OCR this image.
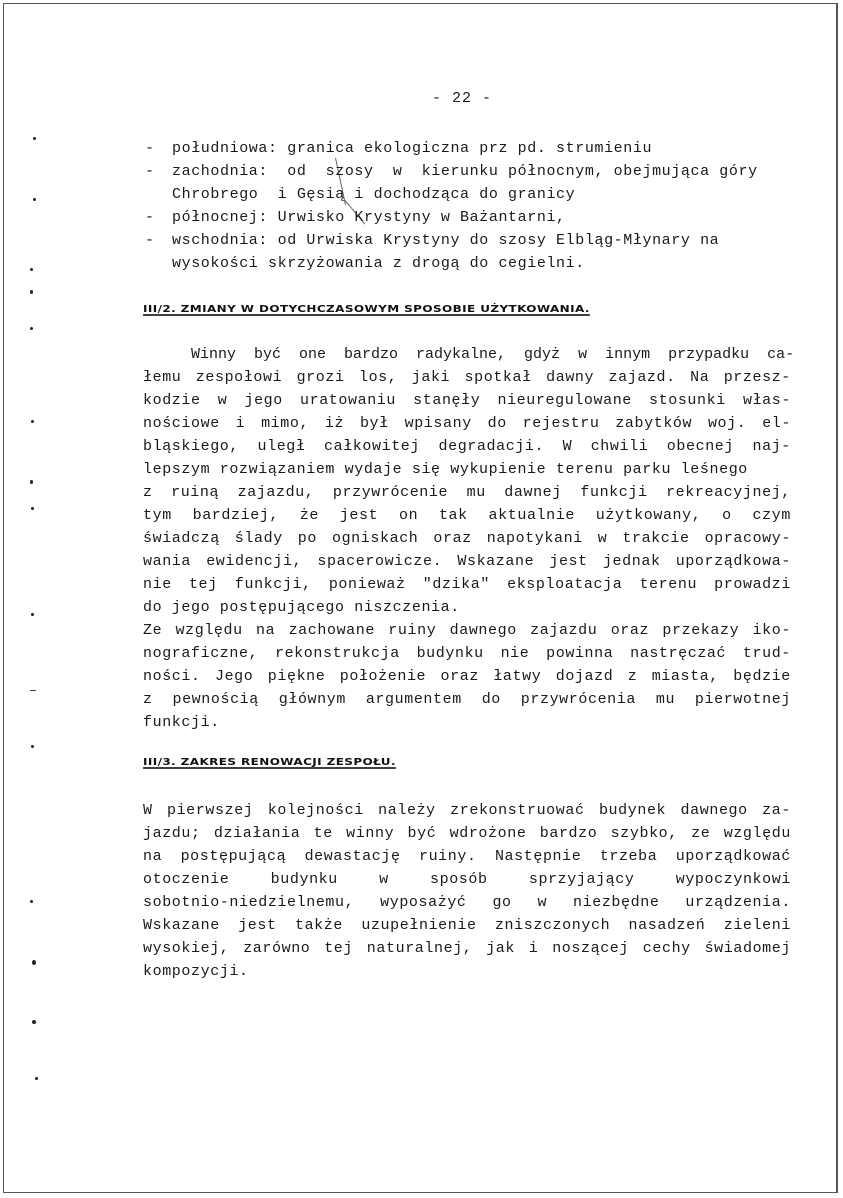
- 22 -
- południowa: granica ekologiczna prz pd. strumieniu
- zachodnia:  od  szosy  w  kierunku północnym, obejmująca góry
Chrobrego  i Gęsią i dochodząca do granicy
- północnej: Urwisko Krystyny w Bażantarni,
- wschodnia: od Urwiska Krystyny do szosy Elbląg-Młynary na
wysokości skrzyżowania z drogą do cegielni.
III/2. ZMIANY W DOTYCHCZASOWYM SPOSOBIE UŻYTKOWANIA.
Winny  być  one  bardzo  radykalne,  gdyż  w  innym  przypadku  ca-
łemu zespołowi grozi los, jaki spotkał dawny zajazd. Na przesz-
kodzie w jego uratowaniu stanęły nieuregulowane stosunki włas-
nościowe i mimo, iż był wpisany do rejestru zabytków woj. el-
bląskiego, uległ całkowitej degradacji. W chwili obecnej naj-
lepszym rozwiązaniem wydaje się wykupienie terenu parku leśnego
z ruiną zajazdu, przywrócenie mu dawnej funkcji rekreacyjnej,
tym bardziej, że jest on tak aktualnie użytkowany, o czym
świadczą ślady po ogniskach oraz napotykani w trakcie opracowy-
wania ewidencji, spacerowicze. Wskazane jest jednak uporządkowa-
nie tej funkcji, ponieważ "dzika" eksploatacja terenu prowadzi
do jego postępującego niszczenia.
Ze względu na zachowane ruiny dawnego zajazdu oraz przekazy iko-
nograficzne, rekonstrukcja budynku nie powinna nastręczać trud-
ności. Jego piękne położenie oraz łatwy dojazd z miasta, będzie
z pewnością głównym argumentem do przywrócenia mu pierwotnej
funkcji.
III/3. ZAKRES RENOWACJI ZESPOŁU.
W pierwszej kolejności należy zrekonstruować budynek dawnego za-
jazdu; działania te winny być wdrożone bardzo szybko, ze względu
na postępującą dewastację ruiny. Następnie trzeba uporządkować
otoczenie	budynku	w	sposób	sprzyjający	wypoczynkowi
sobotnio-niedzielnemu, wyposażyć go w niezbędne urządzenia.
Wskazane jest także uzupełnienie zniszczonych nasadzeń zieleni
wysokiej, zarówno tej naturalnej, jak i noszącej cechy świadomej
kompozycji.
